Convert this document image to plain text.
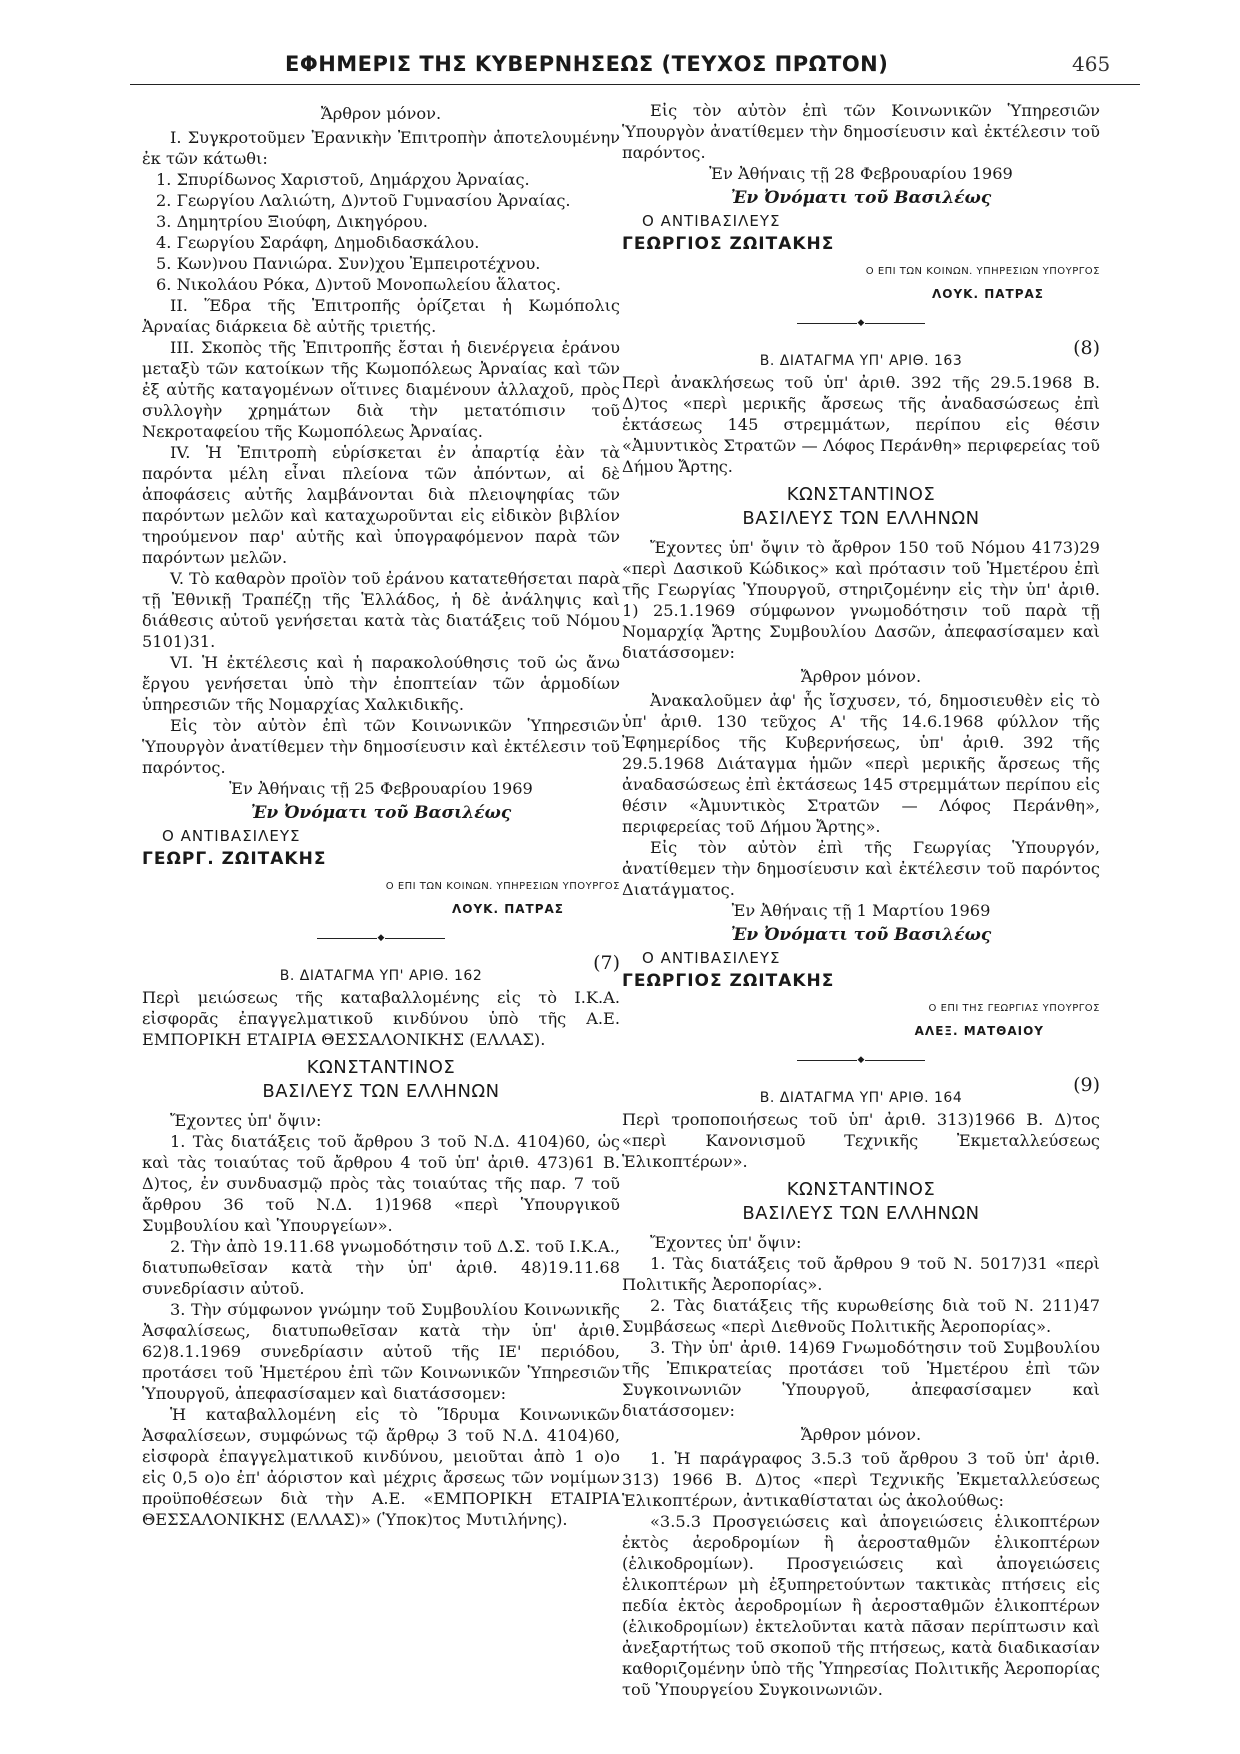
ΕΦΗΜΕΡΙΣ ΤΗΣ ΚΥΒΕΡΝΗΣΕΩΣ (ΤΕΥΧΟΣ ΠΡΩΤΟΝ)	465

Ἄρθρον μόνον.

I. Συγκροτοῦμεν Ἐρανικὴν Ἐπιτροπὴν ἀποτελουμένην ἐκ τῶν κάτωθι:

1. Σπυρίδωνος Χαριστοῦ, Δημάρχου Ἀρναίας.

2. Γεωργίου Λαλιώτη, Δ)ντοῦ Γυμνασίου Ἀρναίας.

3. Δημητρίου Ξιούφη, Δικηγόρου.

4. Γεωργίου Σαράφη, Δημοδιδασκάλου.

5. Κων)νου Πανιώρα. Συν)χου Ἐμπειροτέχνου.

6. Νικολάου Ρόκα, Δ)ντοῦ Μονοπωλείου ἅλατος.

II. Ἕδρα τῆς Ἐπιτροπῆς ὁρίζεται ἡ Κωμόπολις Ἀρναίας διάρκεια δὲ αὐτῆς τριετής.

III. Σκοπὸς τῆς Ἐπιτροπῆς ἔσται ἡ διενέργεια ἐράνου μεταξὺ τῶν κατοίκων τῆς Κωμοπόλεως Ἀρναίας καὶ τῶν ἐξ αὐτῆς καταγομένων οἵτινες διαμένουν ἀλλαχοῦ, πρὸς συλλογὴν χρημάτων διὰ τὴν μετατόπισιν τοῦ Νεκροταφείου τῆς Κωμοπόλεως Ἀρναίας.

IV. Ἡ Ἐπιτροπὴ εὑρίσκεται ἐν ἀπαρτίᾳ ἐὰν τὰ παρόντα μέλη εἶναι πλείονα τῶν ἀπόντων, αἱ δὲ ἀποφάσεις αὐτῆς λαμβάνονται διὰ πλειοψηφίας τῶν παρόντων μελῶν καὶ καταχωροῦνται εἰς εἰδικὸν βιβλίον τηρούμενον παρ' αὐτῆς καὶ ὑπογραφόμενον παρὰ τῶν παρόντων μελῶν.

V. Τὸ καθαρὸν προϊὸν τοῦ ἐράνου κατατεθήσεται παρὰ τῇ Ἐθνικῇ Τραπέζῃ τῆς Ἑλλάδος, ἡ δὲ ἀνάληψις καὶ διάθεσις αὐτοῦ γενήσεται κατὰ τὰς διατάξεις τοῦ Νόμου 5101)31.

VI. Ἡ ἐκτέλεσις καὶ ἡ παρακολούθησις τοῦ ὡς ἄνω ἔργου γενήσεται ὑπὸ τὴν ἐποπτείαν τῶν ἁρμοδίων ὑπηρεσιῶν τῆς Νομαρχίας Χαλκιδικῆς.

Εἰς τὸν αὐτὸν ἐπὶ τῶν Κοινωνικῶν Ὑπηρεσιῶν Ὑπουργὸν ἀνατίθεμεν τὴν δημοσίευσιν καὶ ἐκτέλεσιν τοῦ παρόντος.

Ἐν Ἀθήναις τῇ 25 Φεβρουαρίου 1969

Ἐν Ὀνόματι τοῦ Βασιλέως

Ο ΑΝΤΙΒΑΣΙΛΕΥΣ

ΓΕΩΡΓ. ΖΩΙΤΑΚΗΣ

Ο ΕΠΙ ΤΩΝ ΚΟΙΝΩΝ. ΥΠΗΡΕΣΙΩΝ ΥΠΟΥΡΓΟΣ

ΛΟΥΚ. ΠΑΤΡΑΣ

◆
(7)
Β. ΔΙΑΤΑΓΜΑ ΥΠ' ΑΡΙΘ. 162

Περὶ μειώσεως τῆς καταβαλλομένης εἰς τὸ Ι.Κ.Α. εἰσφορᾶς ἐπαγγελματικοῦ κινδύνου ὑπὸ τῆς Α.Ε. ΕΜΠΟΡΙΚΗ ΕΤΑΙΡΙΑ ΘΕΣΣΑΛΟΝΙΚΗΣ (ΕΛΛΑΣ).

ΚΩΝΣΤΑΝΤΙΝΟΣ
ΒΑΣΙΛΕΥΣ ΤΩΝ ΕΛΛΗΝΩΝ

Ἔχοντες ὑπ' ὄψιν:

1. Τὰς διατάξεις τοῦ ἄρθρου 3 τοῦ Ν.Δ. 4104)60, ὡς καὶ τὰς τοιαύτας τοῦ ἄρθρου 4 τοῦ ὑπ' ἀριθ. 473)61 Β. Δ)τος, ἐν συνδυασμῷ πρὸς τὰς τοιαύτας τῆς παρ. 7 τοῦ ἄρθρου 36 τοῦ Ν.Δ. 1)1968 «περὶ Ὑπουργικοῦ Συμβουλίου καὶ Ὑπουργείων».

2. Τὴν ἀπὸ 19.11.68 γνωμοδότησιν τοῦ Δ.Σ. τοῦ Ι.Κ.Α., διατυπωθεῖσαν κατὰ τὴν ὑπ' ἀριθ. 48)19.11.68 συνεδρίασιν αὐτοῦ.

3. Τὴν σύμφωνον γνώμην τοῦ Συμβουλίου Κοινωνικῆς Ἀσφαλίσεως, διατυπωθεῖσαν κατὰ τὴν ὑπ' ἀριθ. 62)8.1.1969 συνεδρίασιν αὐτοῦ τῆς ΙΕ' περιόδου, προτάσει τοῦ Ἡμετέρου ἐπὶ τῶν Κοινωνικῶν Ὑπηρεσιῶν Ὑπουργοῦ, ἀπεφασίσαμεν καὶ διατάσσομεν:

Ἡ καταβαλλομένη εἰς τὸ Ἵδρυμα Κοινωνικῶν Ἀσφαλίσεων, συμφώνως τῷ ἄρθρῳ 3 τοῦ Ν.Δ. 4104)60, εἰσφορὰ ἐπαγγελματικοῦ κινδύνου, μειοῦται ἀπὸ 1 ο)ο εἰς 0,5 ο)ο ἐπ' ἀόριστον καὶ μέχρις ἄρσεως τῶν νομίμων προϋποθέσεων διὰ τὴν Α.Ε. «ΕΜΠΟΡΙΚΗ ΕΤΑΙΡΙΑ ΘΕΣΣΑΛΟΝΙΚΗΣ (ΕΛΛΑΣ)» (Ὑποκ)τος Μυτιλήνης).

Εἰς τὸν αὐτὸν ἐπὶ τῶν Κοινωνικῶν Ὑπηρεσιῶν Ὑπουργὸν ἀνατίθεμεν τὴν δημοσίευσιν καὶ ἐκτέλεσιν τοῦ παρόντος.

Ἐν Ἀθήναις τῇ 28 Φεβρουαρίου 1969

Ἐν Ὀνόματι τοῦ Βασιλέως

Ο ΑΝΤΙΒΑΣΙΛΕΥΣ

ΓΕΩΡΓΙΟΣ ΖΩΙΤΑΚΗΣ

Ο ΕΠΙ ΤΩΝ ΚΟΙΝΩΝ. ΥΠΗΡΕΣΙΩΝ ΥΠΟΥΡΓΟΣ

ΛΟΥΚ. ΠΑΤΡΑΣ

◆
(8)
Β. ΔΙΑΤΑΓΜΑ ΥΠ' ΑΡΙΘ. 163

Περὶ ἀνακλήσεως τοῦ ὑπ' ἀριθ. 392 τῆς 29.5.1968 Β. Δ)τος «περὶ μερικῆς ἄρσεως τῆς ἀναδασώσεως ἐπὶ ἐκτάσεως 145 στρεμμάτων, περίπου εἰς θέσιν «Ἀμυντικὸς Στρατῶν — Λόφος Περάνθη» περιφερείας τοῦ Δήμου Ἄρτης.

ΚΩΝΣΤΑΝΤΙΝΟΣ
ΒΑΣΙΛΕΥΣ ΤΩΝ ΕΛΛΗΝΩΝ

Ἔχοντες ὑπ' ὄψιν τὸ ἄρθρον 150 τοῦ Νόμου 4173)29 «περὶ Δασικοῦ Κώδικος» καὶ πρότασιν τοῦ Ἡμετέρου ἐπὶ τῆς Γεωργίας Ὑπουργοῦ, στηριζομένην εἰς τὴν ὑπ' ἀριθ. 1) 25.1.1969 σύμφωνον γνωμοδότησιν τοῦ παρὰ τῇ Νομαρχίᾳ Ἄρτης Συμβουλίου Δασῶν, ἀπεφασίσαμεν καὶ διατάσσομεν:

Ἄρθρον μόνον.

Ἀνακαλοῦμεν ἀφ' ἧς ἴσχυσεν, τό, δημοσιευθὲν εἰς τὸ ὑπ' ἀριθ. 130 τεῦχος Α' τῆς 14.6.1968 φύλλον τῆς Ἐφημερίδος τῆς Κυβερνήσεως, ὑπ' ἀριθ. 392 τῆς 29.5.1968 Διάταγμα ἡμῶν «περὶ μερικῆς ἄρσεως τῆς ἀναδασώσεως ἐπὶ ἐκτάσεως 145 στρεμμάτων περίπου εἰς θέσιν «Ἀμυντικὸς Στρατῶν — Λόφος Περάνθη», περιφερείας τοῦ Δήμου Ἄρτης».

Εἰς τὸν αὐτὸν ἐπὶ τῆς Γεωργίας Ὑπουργόν, ἀνατίθεμεν τὴν δημοσίευσιν καὶ ἐκτέλεσιν τοῦ παρόντος Διατάγματος.

Ἐν Ἀθήναις τῇ 1 Μαρτίου 1969

Ἐν Ὀνόματι τοῦ Βασιλέως

Ο ΑΝΤΙΒΑΣΙΛΕΥΣ

ΓΕΩΡΓΙΟΣ ΖΩΙΤΑΚΗΣ

Ο ΕΠΙ ΤΗΣ ΓΕΩΡΓΙΑΣ ΥΠΟΥΡΓΟΣ

ΑΛΕΞ. ΜΑΤΘΑΙΟΥ

◆
(9)
Β. ΔΙΑΤΑΓΜΑ ΥΠ' ΑΡΙΘ. 164

Περὶ τροποποιήσεως τοῦ ὑπ' ἀριθ. 313)1966 Β. Δ)τος «περὶ Κανονισμοῦ Τεχνικῆς Ἐκμεταλλεύσεως Ἑλικοπτέρων».

ΚΩΝΣΤΑΝΤΙΝΟΣ
ΒΑΣΙΛΕΥΣ ΤΩΝ ΕΛΛΗΝΩΝ

Ἔχοντες ὑπ' ὄψιν:

1. Τὰς διατάξεις τοῦ ἄρθρου 9 τοῦ Ν. 5017)31 «περὶ Πολιτικῆς Ἀεροπορίας».

2. Τὰς διατάξεις τῆς κυρωθείσης διὰ τοῦ Ν. 211)47 Συμβάσεως «περὶ Διεθνοῦς Πολιτικῆς Ἀεροπορίας».

3. Τὴν ὑπ' ἀριθ. 14)69 Γνωμοδότησιν τοῦ Συμβουλίου τῆς Ἐπικρατείας προτάσει τοῦ Ἡμετέρου ἐπὶ τῶν Συγκοινωνιῶν Ὑπουργοῦ, ἀπεφασίσαμεν καὶ διατάσσομεν:

Ἄρθρον μόνον.

1. Ἡ παράγραφος 3.5.3 τοῦ ἄρθρου 3 τοῦ ὑπ' ἀριθ. 313) 1966 Β. Δ)τος «περὶ Τεχνικῆς Ἐκμεταλλεύσεως Ἑλικοπτέρων, ἀντικαθίσταται ὡς ἀκολούθως:

«3.5.3 Προσγειώσεις καὶ ἀπογειώσεις ἑλικοπτέρων ἐκτὸς ἀεροδρομίων ἢ ἀεροσταθμῶν ἑλικοπτέρων (ἑλικοδρομίων). Προσγειώσεις καὶ ἀπογειώσεις ἑλικοπτέρων μὴ ἐξυπηρετούντων τακτικὰς πτήσεις εἰς πεδία ἐκτὸς ἀεροδρομίων ἢ ἀεροσταθμῶν ἑλικοπτέρων (ἑλικοδρομίων) ἐκτελοῦνται κατὰ πᾶσαν περίπτωσιν καὶ ἀνεξαρτήτως τοῦ σκοποῦ τῆς πτήσεως, κατὰ διαδικασίαν καθοριζομένην ὑπὸ τῆς Ὑπηρεσίας Πολιτικῆς Ἀεροπορίας τοῦ Ὑπουργείου Συγκοινωνιῶν.
